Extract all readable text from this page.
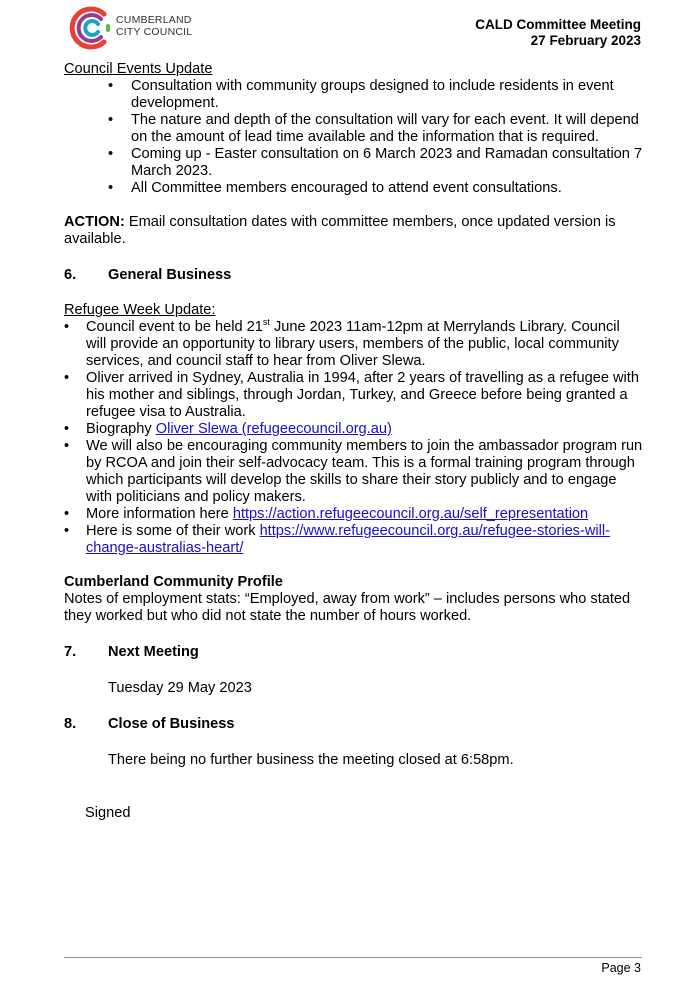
CUMBERLAND
CITY COUNCIL	CALD Committee Meeting
27 February 2023
Council Events Update
• Consultation with community groups designed to include residents in event development.
• The nature and depth of the consultation will vary for each event. It will depend on the amount of lead time available and the information that is required.
• Coming up - Easter consultation on 6 March 2023 and Ramadan consultation 7 March 2023.
• All Committee members encouraged to attend event consultations.
ACTION: Email consultation dates with committee members, once updated version is available.
6.	General Business
Refugee Week Update:
• Council event to be held 21st June 2023 11am-12pm at Merrylands Library. Council will provide an opportunity to library users, members of the public, local community services, and council staff to hear from Oliver Slewa.
• Oliver arrived in Sydney, Australia in 1994, after 2 years of travelling as a refugee with his mother and siblings, through Jordan, Turkey, and Greece before being granted a refugee visa to Australia.
• Biography Oliver Slewa (refugeecouncil.org.au)
• We will also be encouraging community members to join the ambassador program run by RCOA and join their self-advocacy team. This is a formal training program through which participants will develop the skills to share their story publicly and to engage with politicians and policy makers.
• More information here https://action.refugeecouncil.org.au/self_representation
• Here is some of their work https://www.refugeecouncil.org.au/refugee-stories-will-change-australias-heart/
Cumberland Community Profile
Notes of employment stats: “Employed, away from work” – includes persons who stated they worked but who did not state the number of hours worked.
7.	Next Meeting
Tuesday 29 May 2023
8.	Close of Business
There being no further business the meeting closed at 6:58pm.
Signed
Page 3
